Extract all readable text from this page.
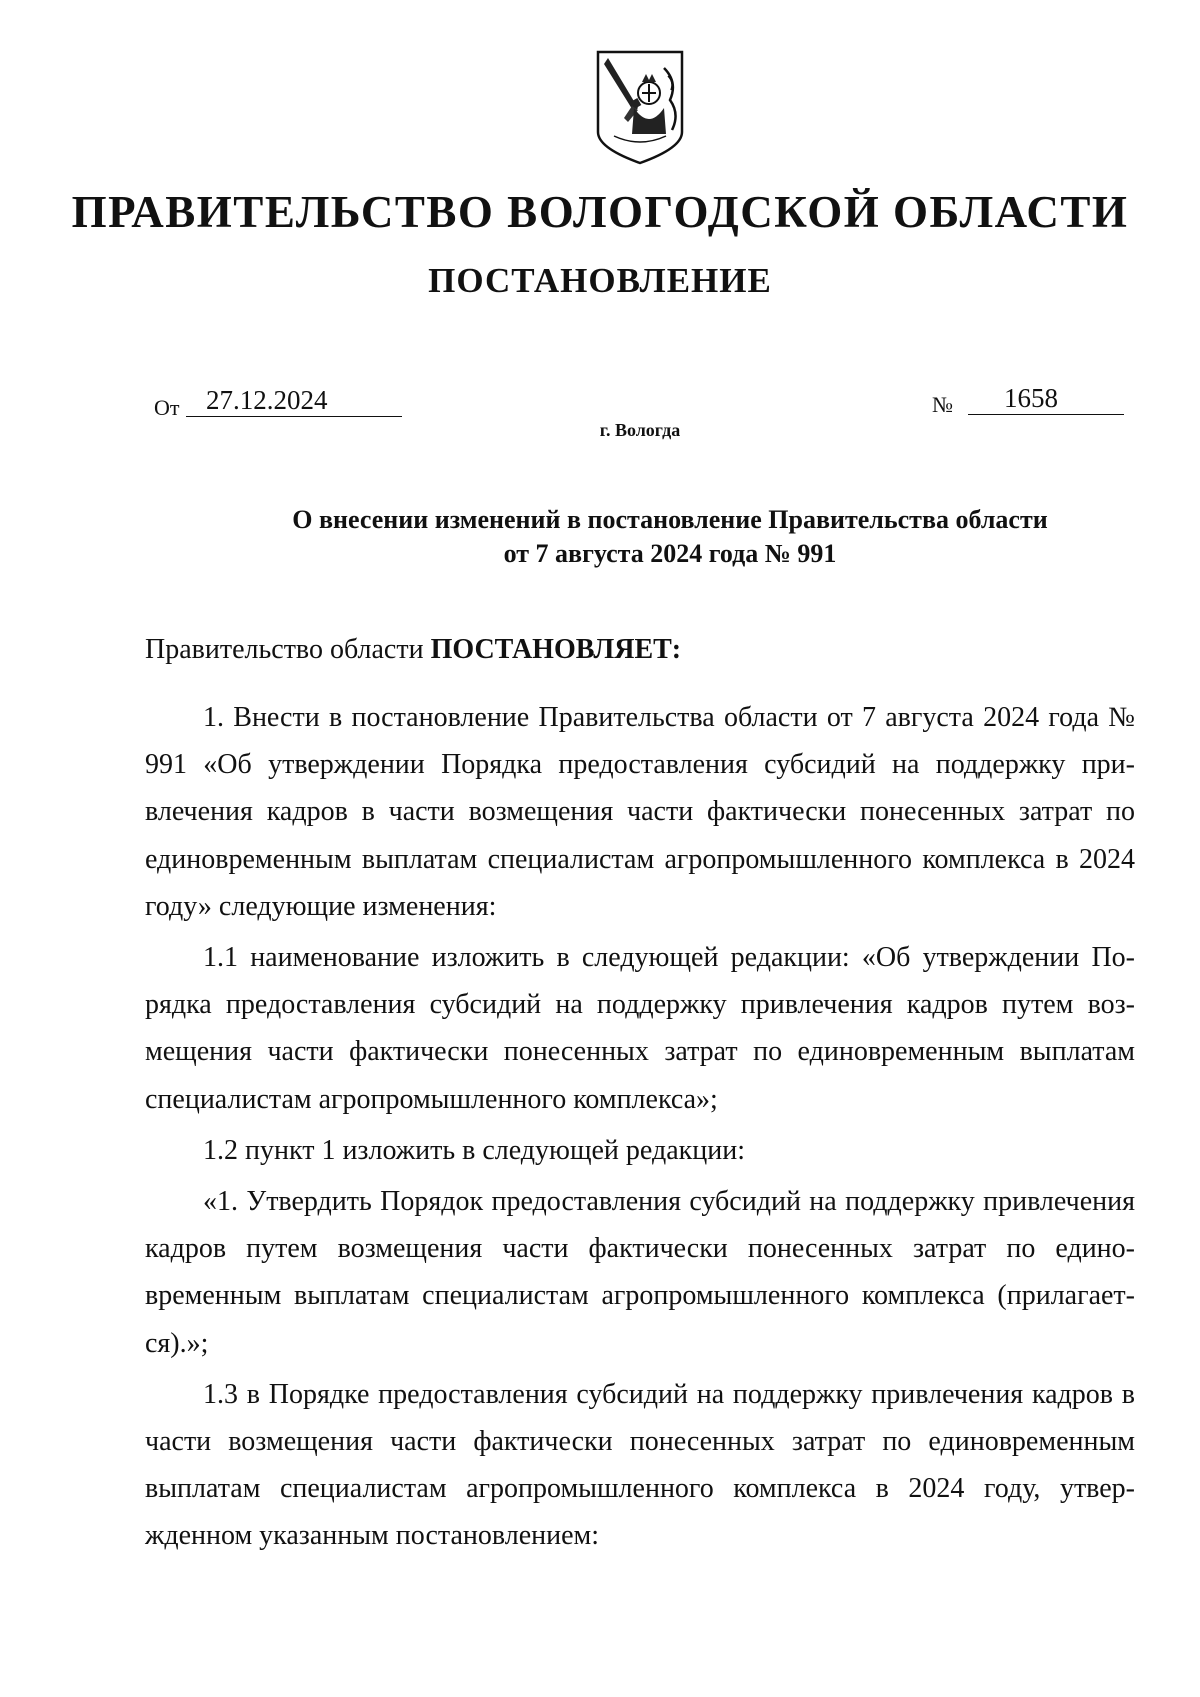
ПРАВИТЕЛЬСТВО ВОЛОГОДСКОЙ ОБЛАСТИ
ПОСТАНОВЛЕНИЕ
От 27.12.2024	№	1658
г. Вологда
О внесении изменений в постановление Правительства области
от 7 августа 2024 года № 991
Правительство области ПОСТАНОВЛЯЕТ:

1. Внести в постановление Правительства области от 7 августа 2024 года № 991 «Об утверждении Порядка предоставления субсидий на поддержку привлечения кадров в части возмещения части фактически понесенных затрат по единовременным выплатам специалистам агропромышленного комплекса в 2024 году» следующие изменения:

1.1 наименование изложить в следующей редакции: «Об утверждении Порядка предоставления субсидий на поддержку привлечения кадров путем возмещения части фактически понесенных затрат по единовременным выплатам специалистам агропромышленного комплекса»;

1.2 пункт 1 изложить в следующей редакции:

«1. Утвердить Порядок предоставления субсидий на поддержку привлечения кадров путем возмещения части фактически понесенных затрат по единовременным выплатам специалистам агропромышленного комплекса (прилагается).»;

1.3 в Порядке предоставления субсидий на поддержку привлечения кадров в части возмещения части фактически понесенных затрат по единовременным выплатам специалистам агропромышленного комплекса в 2024 году, утвержденном указанным постановлением:
